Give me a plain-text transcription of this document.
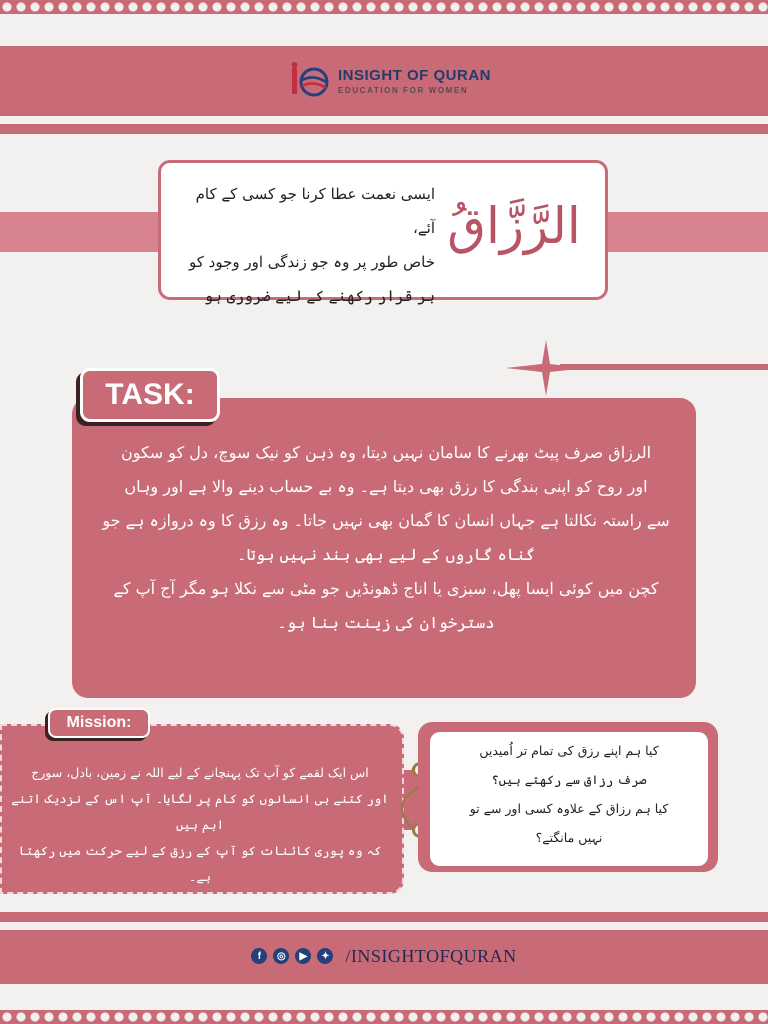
INSIGHT OF QURAN
EDUCATION FOR WOMEN
ایسی نعمت عطا کرنا جو کسی کے کام آئے،
خاص طور پر وہ جو زندگی اور وجود کو
بر قرار رکھنے کے لیے ضروری ہو
الرَّزَّاقُ
TASK:
الرزاق صرف پیٹ بھرنے کا سامان نہیں دیتا، وہ ذہن کو نیک سوچ، دل کو سکون
اور روح کو اپنی بندگی کا رزق بھی دیتا ہے۔ وہ بے حساب دینے والا ہے اور وہاں
سے راستہ نکالتا ہے جہاں انسان کا گمان بھی نہیں جاتا۔ وہ رزق کا وہ دروازہ ہے جو
گناہ گاروں کے لیے بھی بند نہیں ہوتا۔
کچن میں کوئی ایسا پھل، سبزی یا اناج ڈھونڈیں جو مٹی سے نکلا ہو مگر آج آپ کے
دسترخوان کی زینت بنا ہو۔
Mission:
اس ایک لقمے کو آپ تک پہنچانے کے لیے اللہ نے زمین، بادل، سورج
اور کتنے ہی انسانوں کو کام پر لگایا۔ آپ اس کے نزدیک اتنے اہم ہیں
کہ وہ پوری کائنات کو آپ کے رزق کے لیے حرکت میں رکھتا ہے۔
کیا ہم اپنے رزق کی تمام تر اُمیدیں
صرف رزاق سے رکھتے ہیں؟
کیا ہم رزاق کے علاوہ کسی اور سے تو
نہیں مانگتے؟
f	◎	▶	✦ /INSIGHTOFQURAN
